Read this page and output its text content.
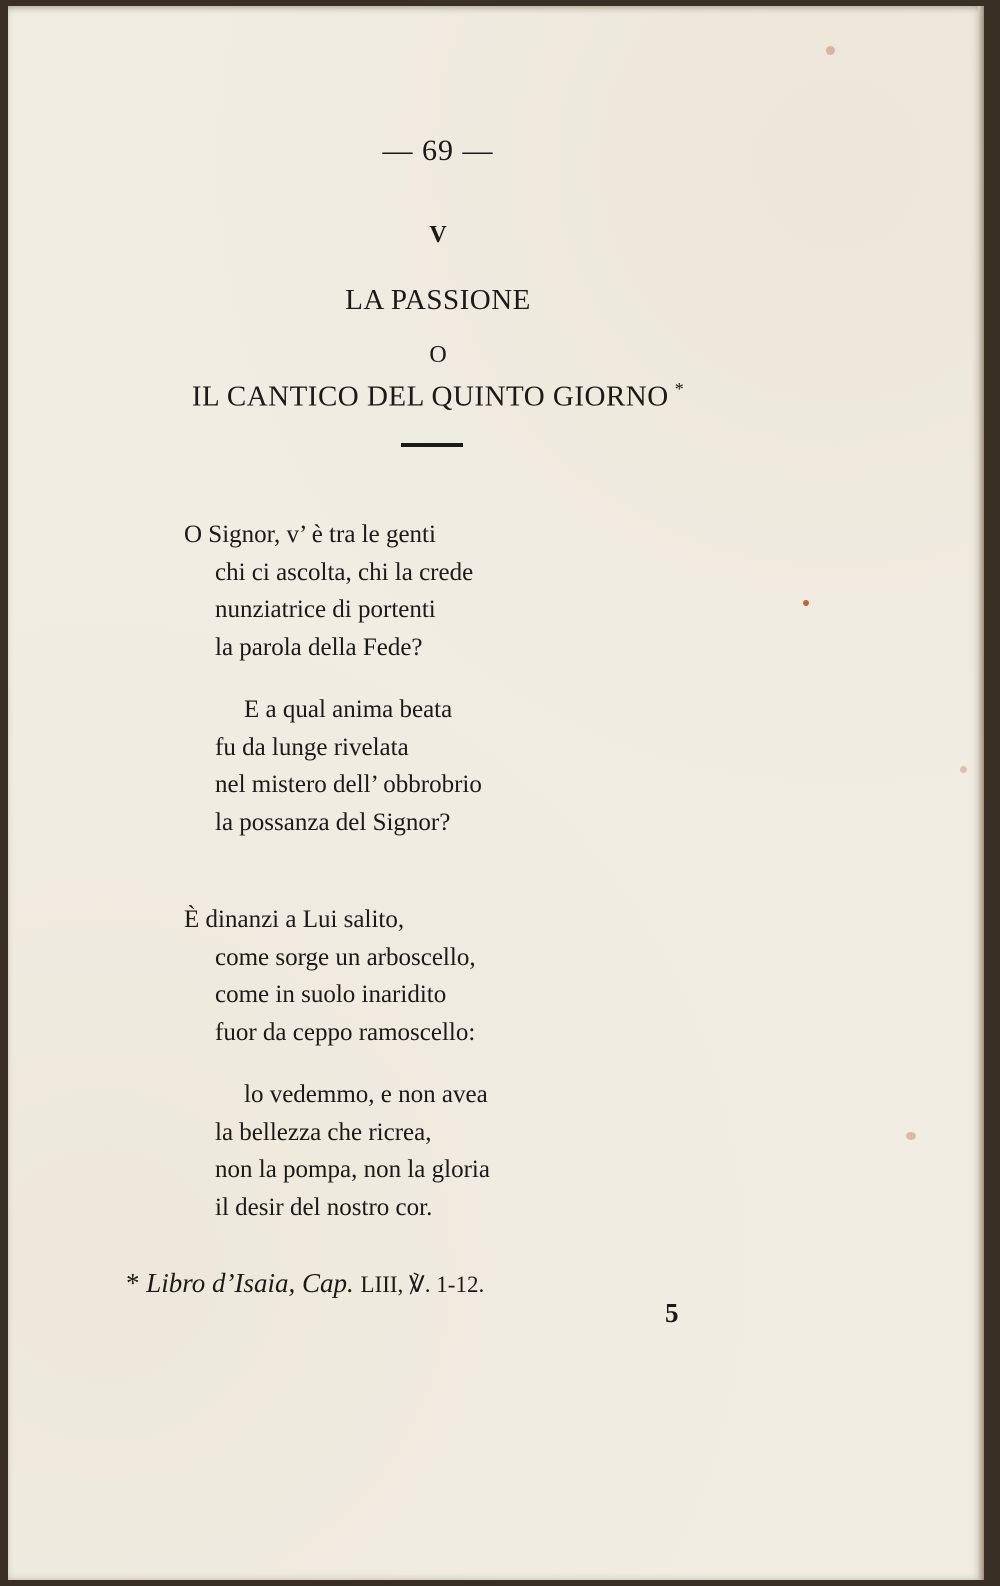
— 69 —
V
LA PASSIONE
O
IL CANTICO DEL QUINTO GIORNO *
O Signor, v’ è tra le genti
chi ci ascolta, chi la crede
nunziatrice di portenti
la parola della Fede?
E a qual anima beata
fu da lunge rivelata
nel mistero dell’ obbrobrio
la possanza del Signor?
È dinanzi a Lui salito,
come sorge un arboscello,
come in suolo inaridito
fuor da ceppo ramoscello:
lo vedemmo, e non avea
la bellezza che ricrea,
non la pompa, non la gloria
il desir del nostro cor.
* Libro d’Isaia, Cap. LIII, ℣. 1-12.
5
